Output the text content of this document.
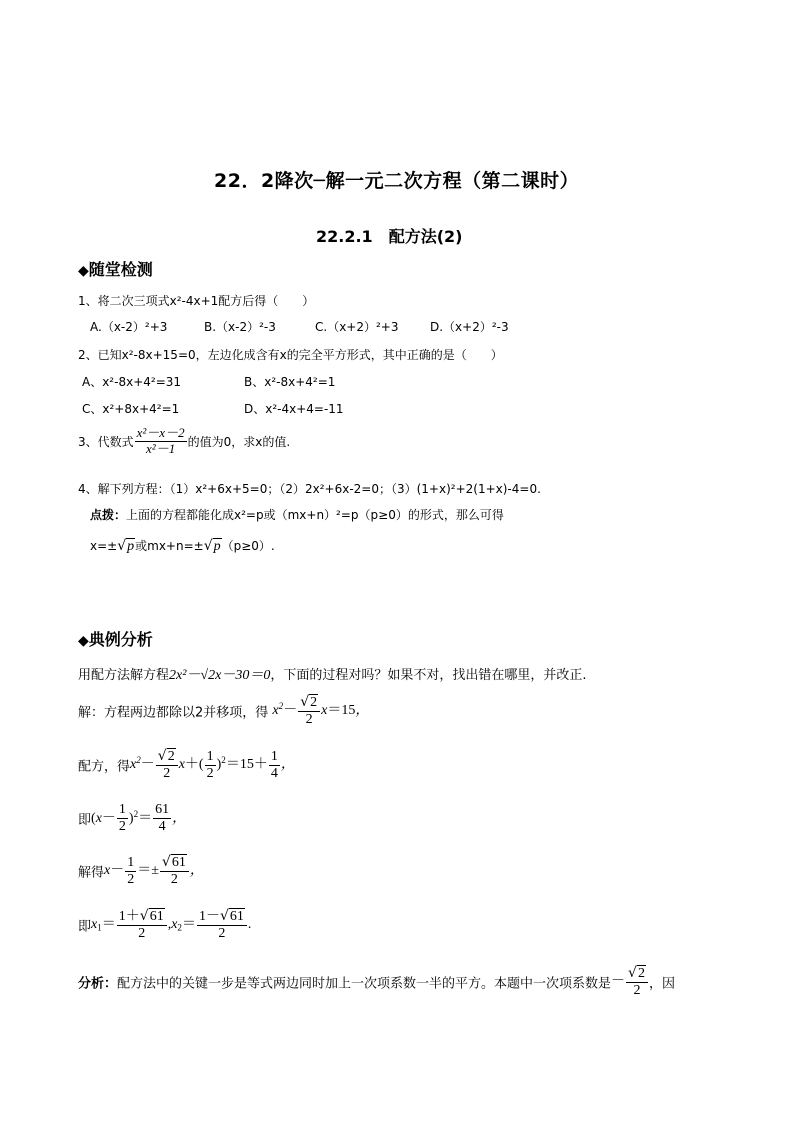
22．2降次─解一元二次方程（第二课时）
22.2.1　配方法(2)
◆随堂检测
1、将二次三项式x²-4x+1配方后得（　　）
A.（x-2）²+3	B.（x-2）²-3	C.（x+2）²+3	D.（x+2）²-3
2、已知x²-8x+15=0，左边化成含有x的完全平方形式，其中正确的是（　　）
A、x²-8x+4²=31	B、x²-8x+4²=1
C、x²+8x+4²=1	D、x²-4x+4=-11
3、代数式 $\frac{\text{x²－x－2}}{\text{x²－1}}$ 的值为0，求x的值.
4、解下列方程：（1）x²+6x+5=0；（2）2x²+6x-2=0；（3）(1+x)²+2(1+x)-4=0.
点拨：上面的方程都能化成x²=p或（mx+n）²=p（p≥0）的形式，那么可得
x=±√p或mx+n=±√p（p≥0）.
◆典例分析
用配方法解方程2x²－√2x－30＝0，下面的过程对吗？如果不对，找出错在哪里，并改正.
解：方程两边都除以2并移项，得 $x^2- \frac{√2}{2} x=15$，
配方，得$x^2- \frac{√2}{2} x+( \frac{1}{2} )^2=15+ \frac{1}{4}$ ，
即$(x- \frac{1}{2} )^2= \frac{61}{4}$ ，
解得$x- \frac{1}{2} =\pm \frac{√61}{2}$ ，
即$x_1= \frac{1+√61}{2} ,x_2= \frac{1-√61}{2}$ .
分析：配方法中的关键一步是等式两边同时加上一次项系数一半的平方。本题中一次项系数是－ $\frac{√2}{2}$ ，因
